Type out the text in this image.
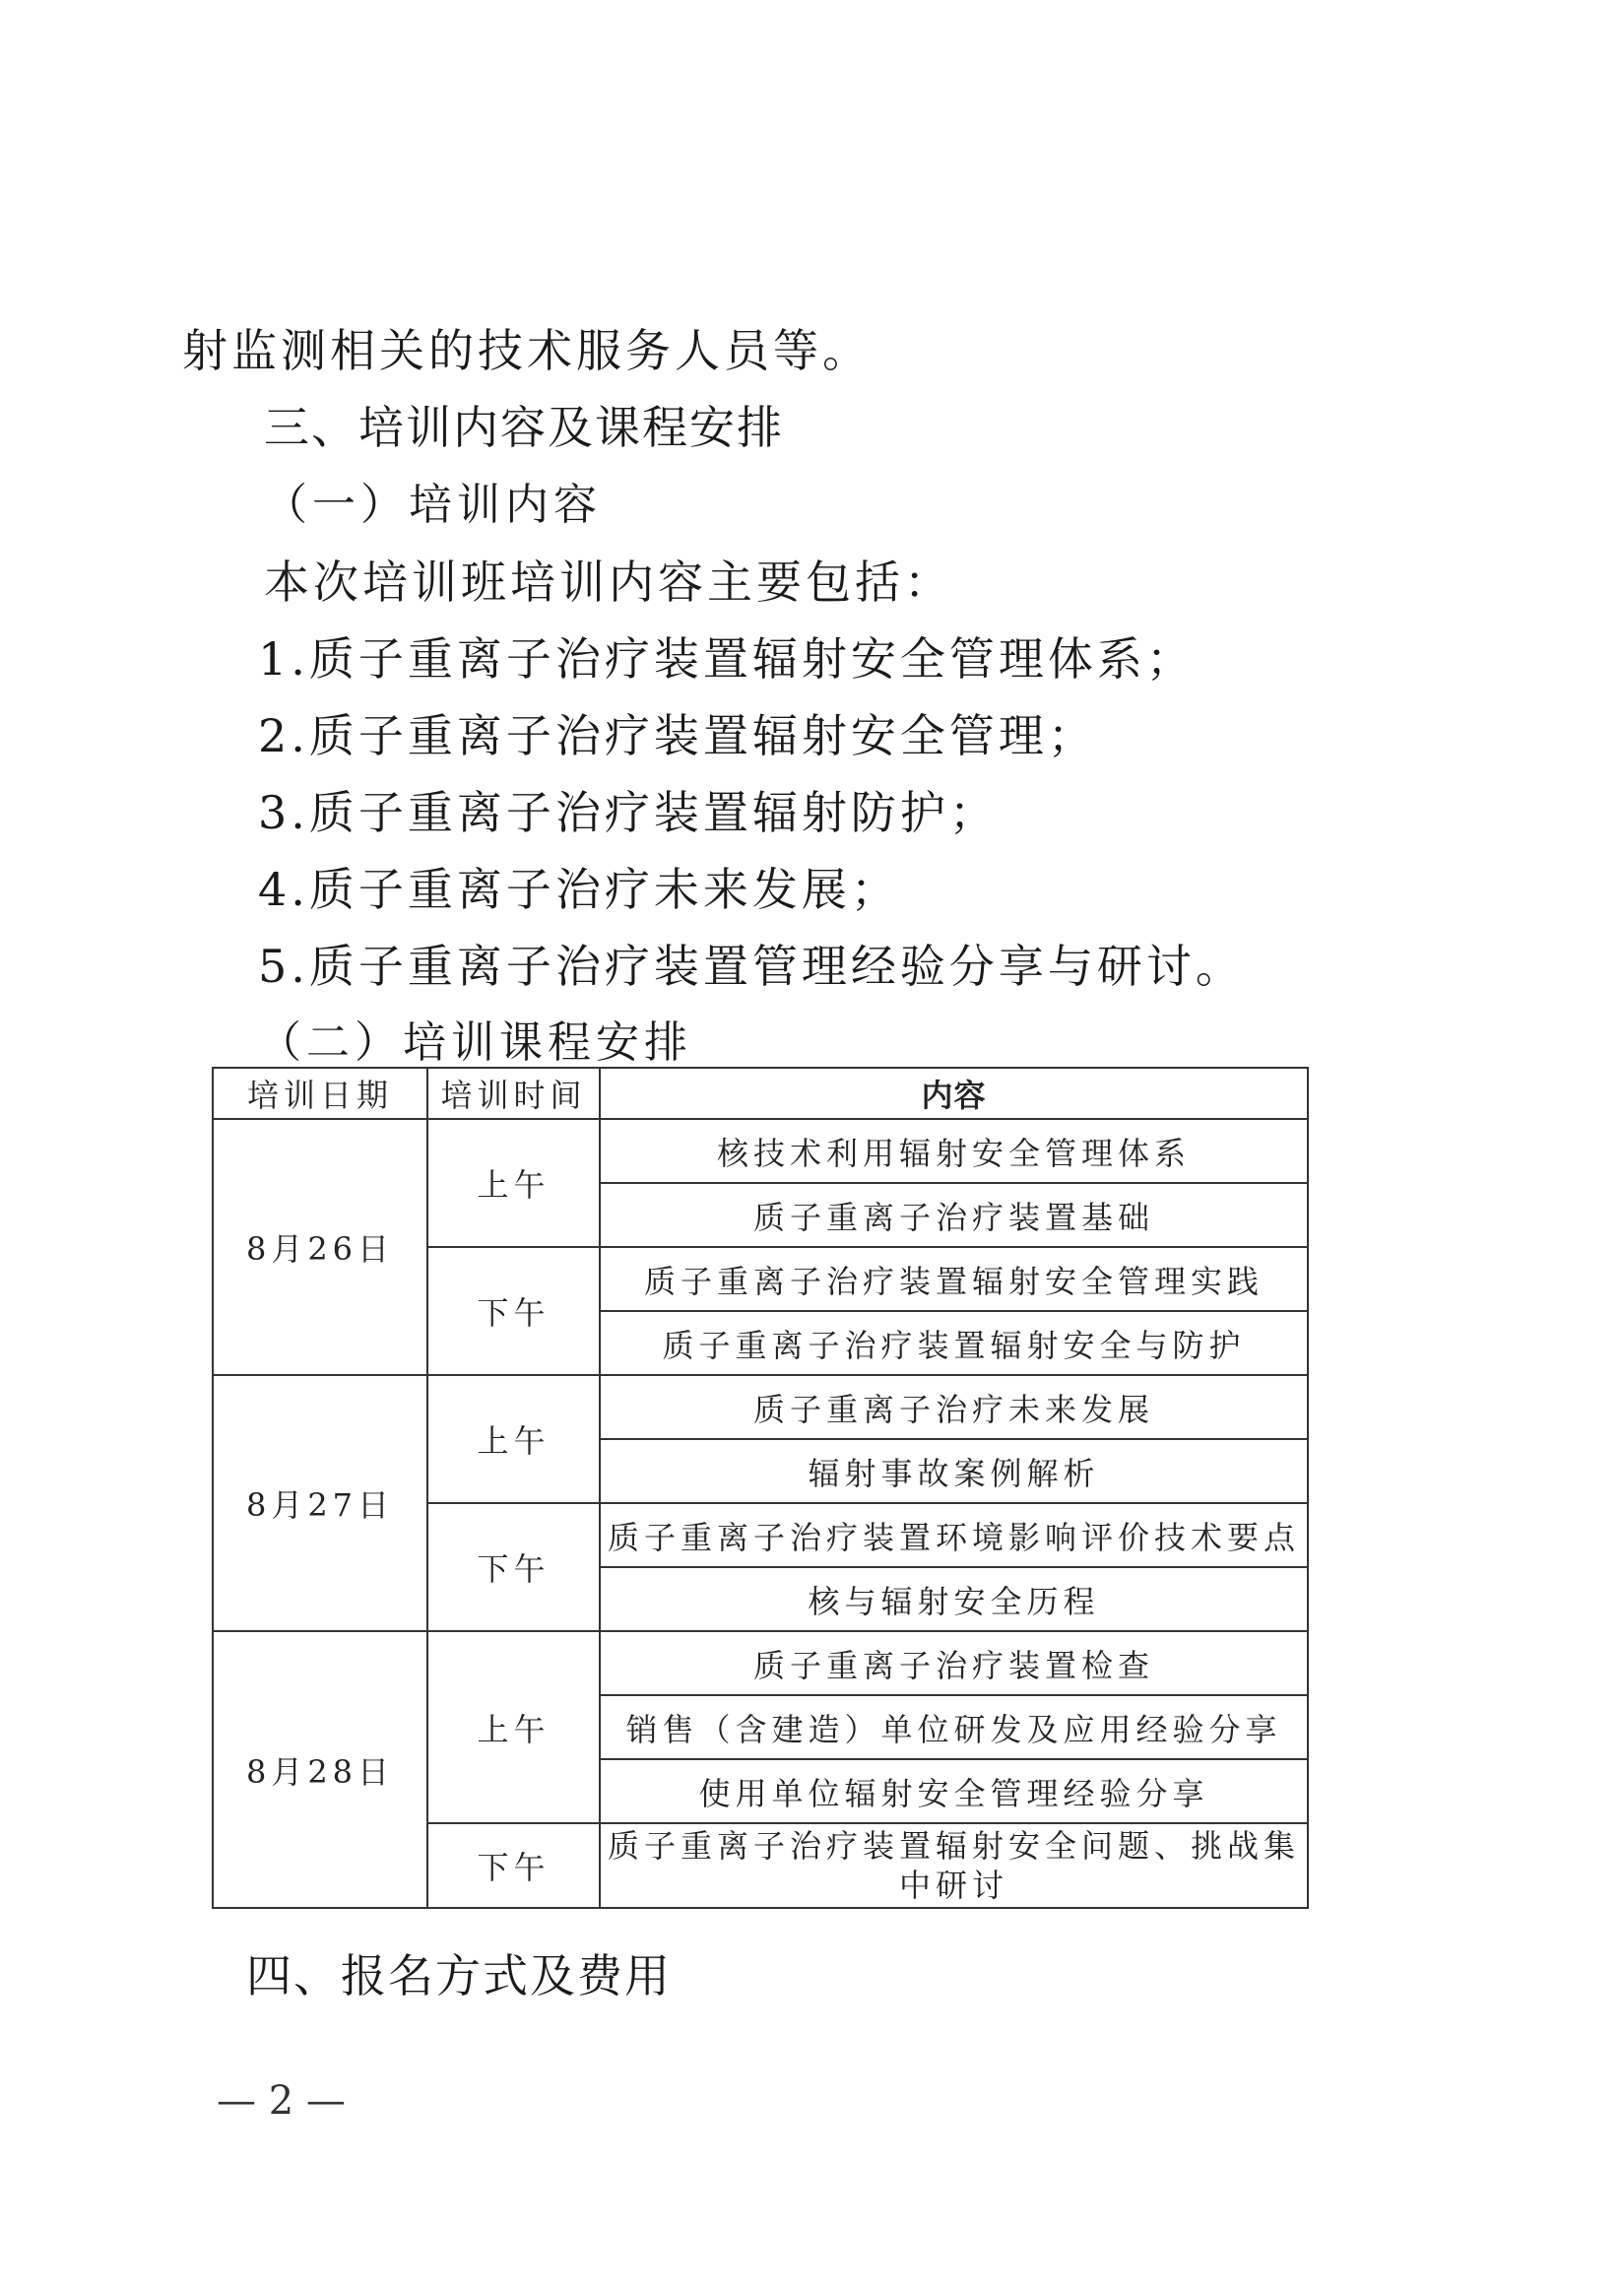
射监测相关的技术服务人员等。
三、培训内容及课程安排
（一）培训内容
本次培训班培训内容主要包括：
1.质子重离子治疗装置辐射安全管理体系；
2.质子重离子治疗装置辐射安全管理；
3.质子重离子治疗装置辐射防护；
4.质子重离子治疗未来发展；
5.质子重离子治疗装置管理经验分享与研讨。
（二）培训课程安排
培训日期	培训时间	内容
8月26日	上午	核技术利用辐射安全管理体系
		质子重离子治疗装置基础
	下午	质子重离子治疗装置辐射安全管理实践
		质子重离子治疗装置辐射安全与防护
8月27日	上午	质子重离子治疗未来发展
		辐射事故案例解析
	下午	质子重离子治疗装置环境影响评价技术要点
		核与辐射安全历程
8月28日	上午	质子重离子治疗装置检查
		销售（含建造）单位研发及应用经验分享
		使用单位辐射安全管理经验分享
	下午	质子重离子治疗装置辐射安全问题、挑战集中研讨
四、报名方式及费用
— 2 —
